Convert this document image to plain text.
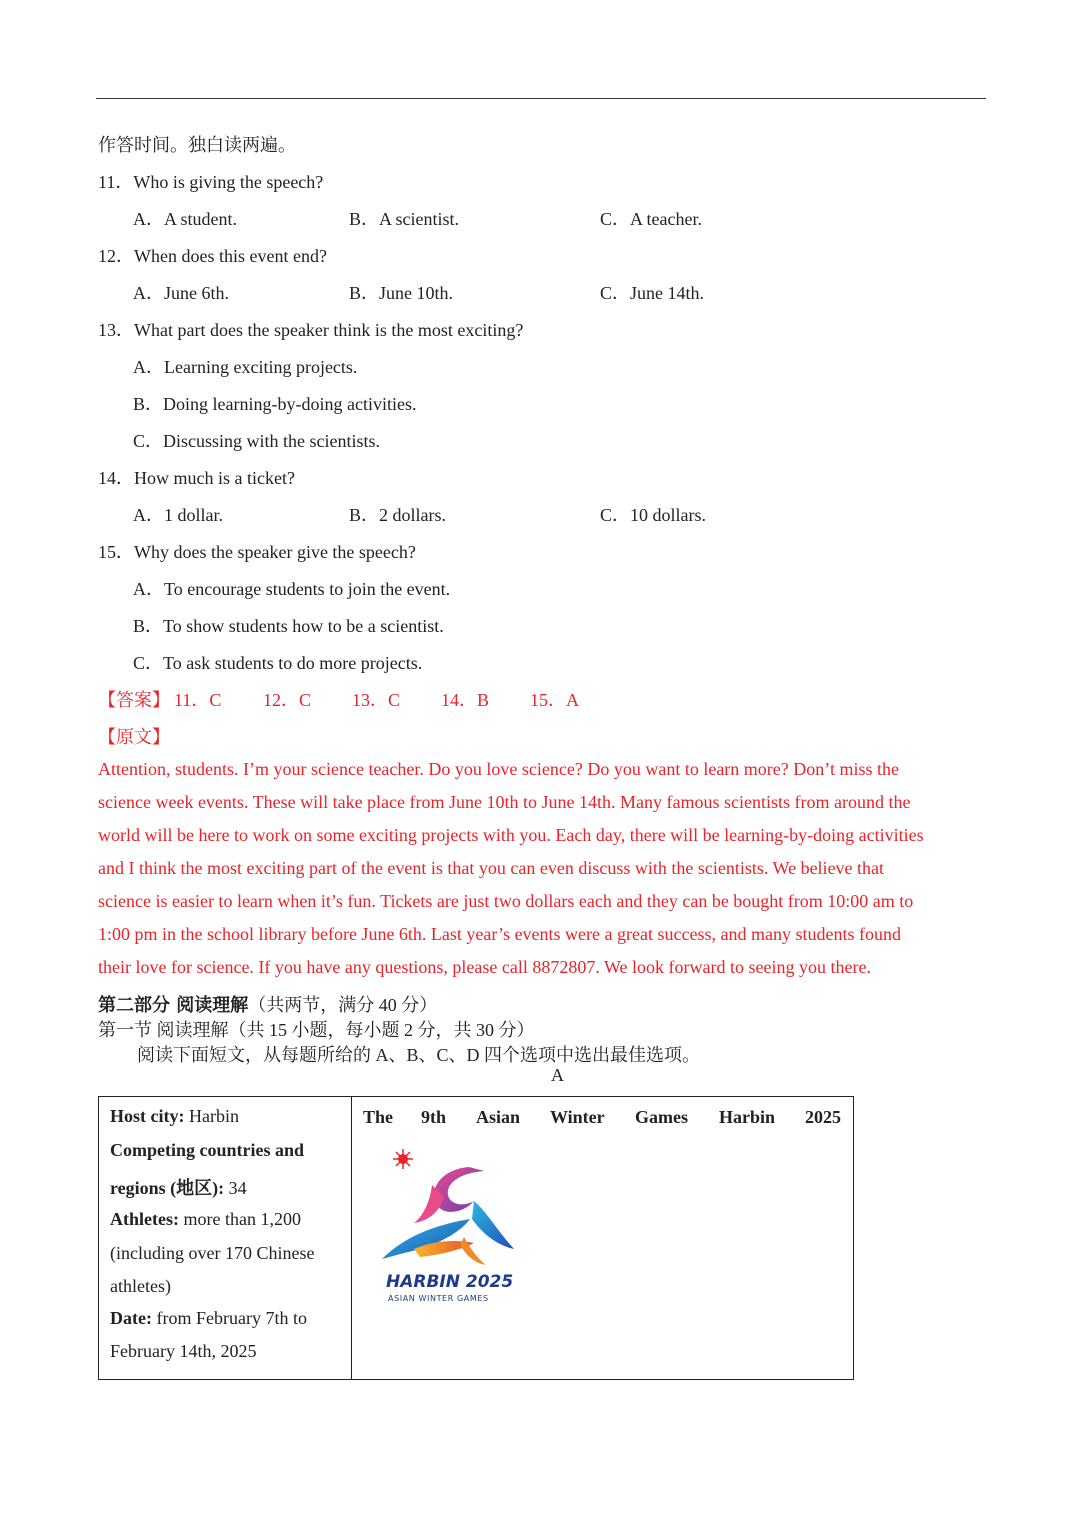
作答时间。独白读两遍。
11．Who is giving the speech?
A．A student.	B．A scientist.	C．A teacher.
12．When does this event end?
A．June 6th.	B．June 10th.	C．June 14th.
13．What part does the speaker think is the most exciting?
A．Learning exciting projects.
B．Doing learning-by-doing activities.
C．Discussing with the scientists.
14．How much is a ticket?
A．1 dollar.	B．2 dollars.	C．10 dollars.
15．Why does the speaker give the speech?
A．To encourage students to join the event.
B．To show students how to be a scientist.
C．To ask students to do more projects.
【答案】 11．C 12．C 13．C 14．B 15．A
【原文】
Attention, students. I’m your science teacher. Do you love science? Do you want to learn more? Don’t miss the
science week events. These will take place from June 10th to June 14th. Many famous scientists from around the
world will be here to work on some exciting projects with you. Each day, there will be learning-by-doing activities
and I think the most exciting part of the event is that you can even discuss with the scientists. We believe that
science is easier to learn when it’s fun. Tickets are just two dollars each and they can be bought from 10:00 am to
1:00 pm in the school library before June 6th. Last year’s events were a great success, and many students found
their love for science. If you have any questions, please call 8872807. We look forward to seeing you there.
第二部分 阅读理解（共两节，满分 40 分）
第一节 阅读理解（共 15 小题，每小题 2 分，共 30 分）
阅读下面短文，从每题所给的 A、B、C、D 四个选项中选出最佳选项。
A
Host city: Harbin
Competing countries and
regions (地区): 34
Athletes: more than 1,200
(including over 170 Chinese
athletes)
Date: from February 7th to
February 14th, 2025
The 9th Asian Winter Games Harbin 2025
HARBIN 2025
ASIAN WINTER GAMES
